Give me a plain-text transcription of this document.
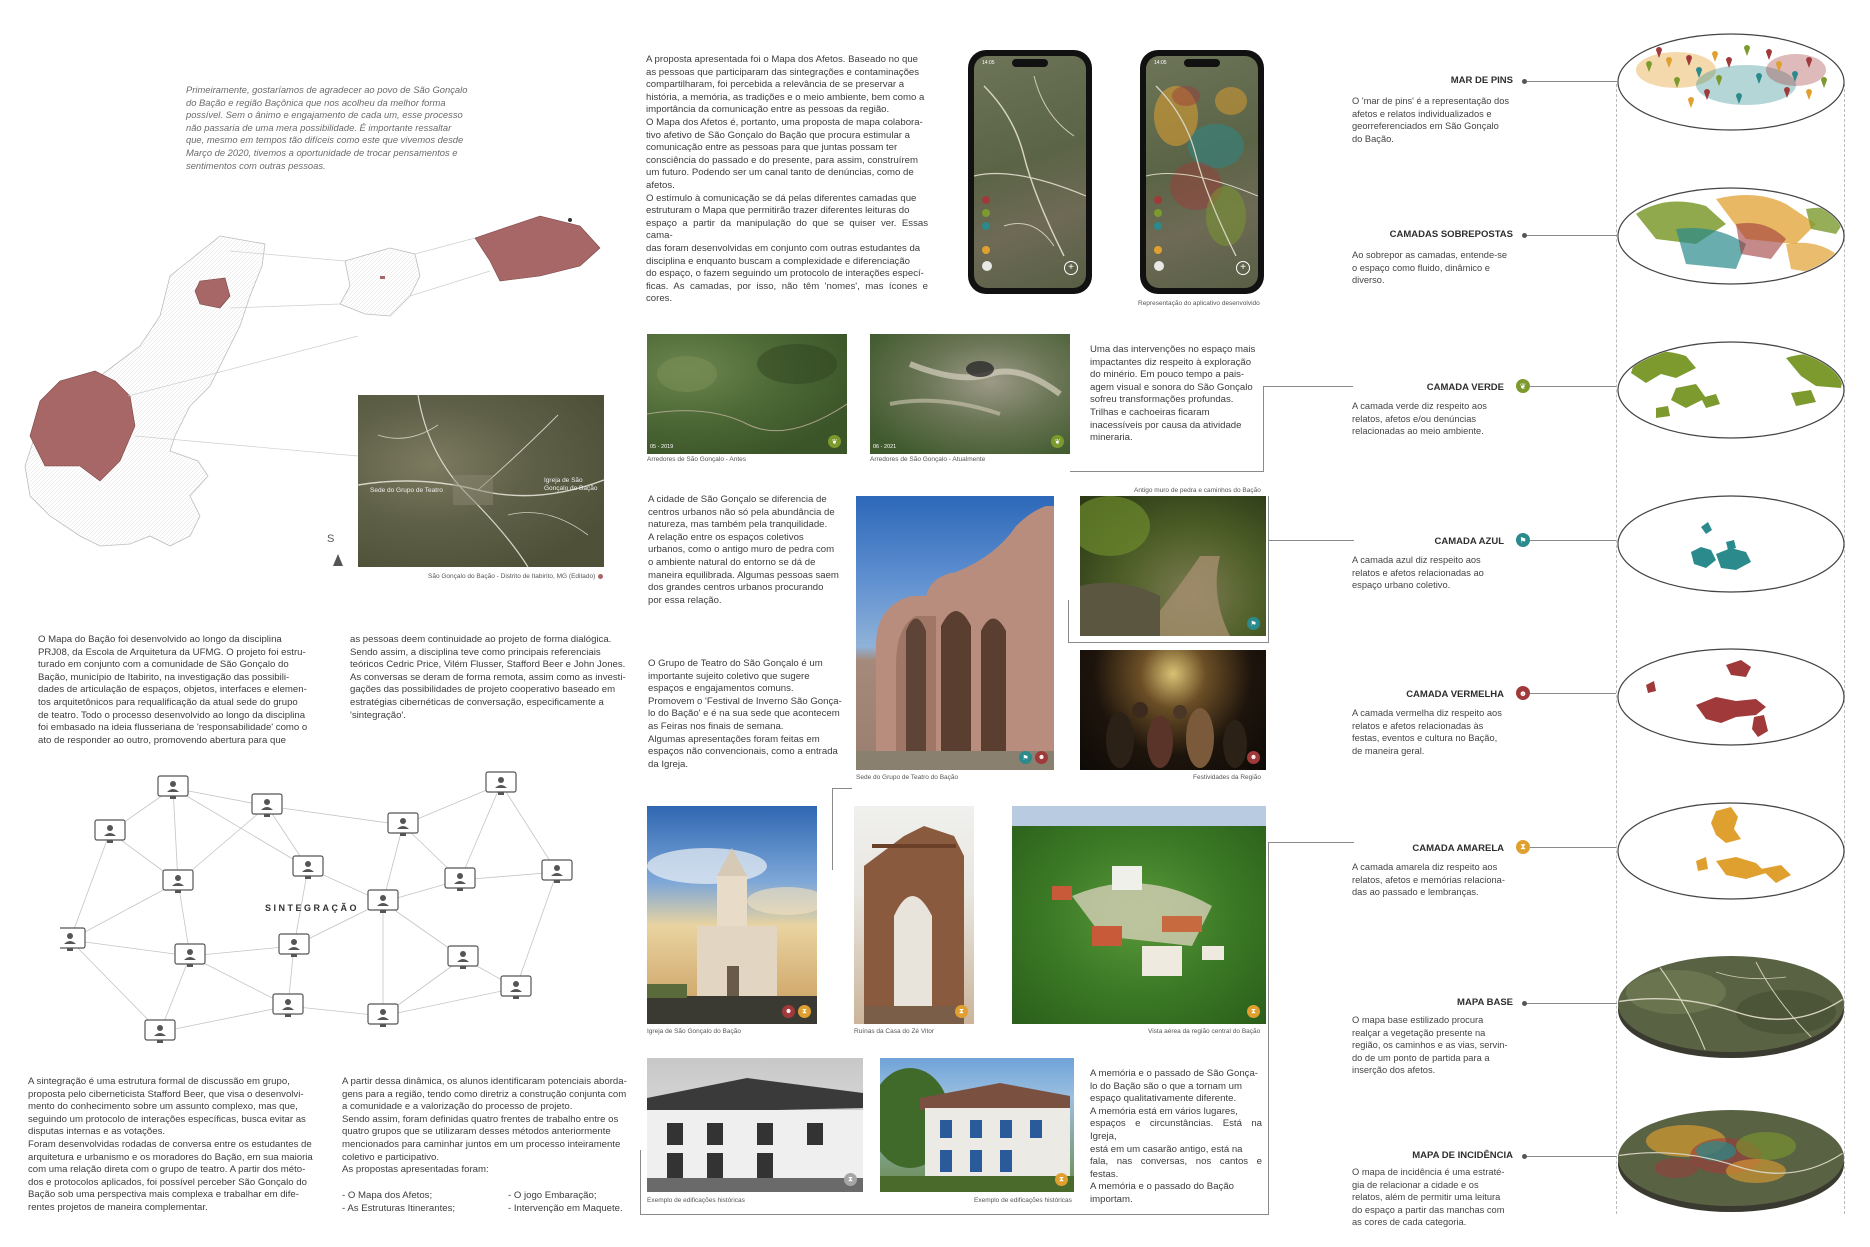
Primeiramente, gostaríamos de agradecer ao povo de São Gonçalo
do Bação e região Baçônica que nos acolheu da melhor forma
possível. Sem o ânimo e engajamento de cada um, esse processo
não passaria de uma mera possibilidade. É importante ressaltar
que, mesmo em tempos tão difíceis como este que vivemos desde
Março de 2020, tivemos a oportunidade de trocar pensamentos e
sentimentos com outras pessoas.
S
Sede do Grupo de Teatro
Igreja de São
Gonçalo do Bação
São Gonçalo do Bação - Distrito de Itabirito, MG (Editado)
O Mapa do Bação foi desenvolvido ao longo da disciplina
PRJ08, da Escola de Arquitetura da UFMG. O projeto foi estru-
turado em conjunto com a comunidade de São Gonçalo do
Bação, município de Itabirito, na investigação das possibili-
dades de articulação de espaços, objetos, interfaces e elemen-
tos arquitetônicos para requalificação da atual sede do grupo
de teatro. Todo o processo desenvolvido ao longo da disciplina
foi embasado na ideia flusseriana de 'responsabilidade' como o
ato de responder ao outro, promovendo abertura para que
as pessoas deem continuidade ao projeto de forma dialógica.
Sendo assim, a disciplina teve como principais referenciais
teóricos Cedric Price, Vilém Flusser, Stafford Beer e John Jones.
As conversas se deram de forma remota, assim como as investi-
gações das possibilidades de projeto cooperativo baseado em
estratégias cibernéticas de conversação, especificamente a
'sintegração'.
SINTEGRAÇÃO
A sintegração é uma estrutura formal de discussão em grupo,
proposta pelo ciberneticista Stafford Beer, que visa o desenvolvi-
mento do conhecimento sobre um assunto complexo, mas que,
seguindo um protocolo de interações específicas, busca evitar as
disputas internas e as votações.
Foram desenvolvidas rodadas de conversa entre os estudantes de
arquitetura e urbanismo e os moradores do Bação, em sua maioria
com uma relação direta com o grupo de teatro. A partir dos méto-
dos e protocolos aplicados, foi possível perceber São Gonçalo do
Bação sob uma perspectiva mais complexa e trabalhar em dife-
rentes projetos de maneira complementar.
A partir dessa dinâmica, os alunos identificaram potenciais aborda-
gens para a região, tendo como diretriz a construção conjunta com
a comunidade e a valorização do processo de projeto.
Sendo assim, foram definidas quatro frentes de trabalho entre os
quatro grupos que se utilizaram desses métodos anteriormente
mencionados para caminhar juntos em um processo inteiramente
coletivo e participativo.
As propostas apresentadas foram:
- O Mapa dos Afetos;
- As Estruturas Itinerantes;
- O jogo Embaração;
- Intervenção em Maquete.
A proposta apresentada foi o Mapa dos Afetos. Baseado no que
as pessoas que participaram das sintegrações e contaminações
compartilharam, foi percebida a relevância de se preservar a
história, a memória, as tradições e o meio ambiente, bem como a
importância da comunicação entre as pessoas da região.
O Mapa dos Afetos é, portanto, uma proposta de mapa colabora-
tivo afetivo de São Gonçalo do Bação que procura estimular a
comunicação entre as pessoas para que juntas possam ter
consciência do passado e do presente, para assim, construírem
um futuro. Podendo ser um canal tanto de denúncias, como de
afetos.
O estímulo à comunicação se dá pelas diferentes camadas que
estruturam o Mapa que permitirão trazer diferentes leituras do
espaço a partir da manipulação do que se quiser ver. Essas cama-
das foram desenvolvidas em conjunto com outras estudantes da
disciplina e enquanto buscam a complexidade e diferenciação
do espaço, o fazem seguindo um protocolo de interações especí-
ficas. As camadas, por isso, não têm 'nomes', mas ícones e cores.
14:05
+
14:05
+
Representação do aplicativo desenvolvido
05 - 2019
❦
Arredores de São Gonçalo - Antes
06 - 2021
❦
Arredores de São Gonçalo - Atualmente
Uma das intervenções no espaço mais
impactantes diz respeito à exploração
do minério. Em pouco tempo a pais-
agem visual e sonora do São Gonçalo
sofreu transformações profundas.
Trilhas e cachoeiras ficaram
inacessíveis por causa da atividade
mineraria.
A cidade de São Gonçalo se diferencia de
centros urbanos não só pela abundância de
natureza, mas também pela tranquilidade.
A relação entre os espaços coletivos
urbanos, como o antigo muro de pedra com
o ambiente natural do entorno se dá de
maneira equilibrada. Algumas pessoas saem
dos grandes centros urbanos procurando
por essa relação.
⚑	☻
Sede do Grupo de Teatro do Bação
Antigo muro de pedra e caminhos do Bação
⚑
O Grupo de Teatro do São Gonçalo é um
importante sujeito coletivo que sugere
espaços e engajamentos comuns.
Promovem o 'Festival de Inverno São Gonça-
lo do Bação' e é na sua sede que acontecem
as Feiras nos finais de semana.
Algumas apresentações foram feitas em
espaços não convencionais, como a entrada
da Igreja.
☻
Festividades da Região
☻	⧗
Igreja de São Gonçalo do Bação
⧗
Ruínas da Casa do Zé Vitor
⧗
Vista aérea da região central do Bação
⧗
Exemplo de edificações históricas
⧗
Exemplo de edificações históricas
A memória e o passado de São Gonça-
lo do Bação são o que a tornam um
espaço qualitativamente diferente.
A memória está em vários lugares,
espaços e circunstâncias. Está na Igreja,
está em um casarão antigo, está na
fala, nas conversas, nos cantos e festas.
A memória e o passado do Bação
importam.
MAR DE PINS
O 'mar de pins' é a representação dos
afetos e relatos individualizados e
georreferenciados em São Gonçalo
do Bação.
CAMADAS SOBREPOSTAS
Ao sobrepor as camadas, entende-se
o espaço como fluido, dinâmico e
diverso.
CAMADA VERDE	❦
A camada verde diz respeito aos
relatos, afetos e/ou denúncias
relacionadas ao meio ambiente.
CAMADA AZUL	⚑
A camada azul diz respeito aos
relatos e afetos relacionadas ao
espaço urbano coletivo.
CAMADA VERMELHA	☻
A camada vermelha diz respeito aos
relatos e afetos relacionadas às
festas, eventos e cultura no Bação,
de maneira geral.
CAMADA AMARELA	⧗
A camada amarela diz respeito aos
relatos, afetos e memórias relaciona-
das ao passado e lembranças.
MAPA BASE
O mapa base estilizado procura
realçar a vegetação presente na
região, os caminhos e as vias, servin-
do de um ponto de partida para a
inserção dos afetos.
MAPA DE INCIDÊNCIA
O mapa de incidência é uma estraté-
gia de relacionar a cidade e os
relatos, além de permitir uma leitura
do espaço a partir das manchas com
as cores de cada categoria.
